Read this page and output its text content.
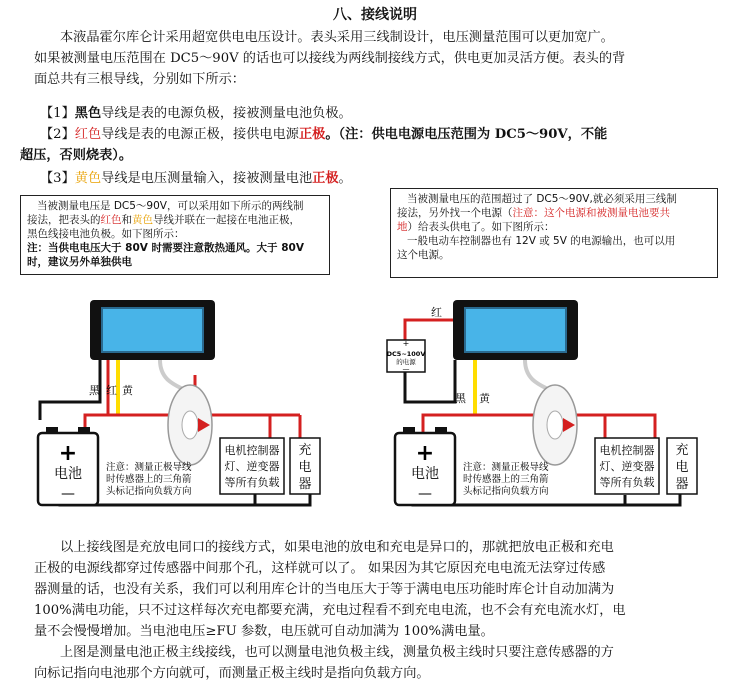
八、接线说明
本液晶霍尔库仑计采用超宽供电电压设计。表头采用三线制设计，电压测量范围可以更加宽广。
如果被测量电压范围在 DC5～90V 的话也可以接线为两线制接线方式，供电更加灵活方便。表头的背
面总共有三根导线，分别如下所示：
【1】黑色导线是表的电源负极，接被测量电池负极。
【2】红色导线是表的电源正极，接供电电源正极。（注：供电电源电压范围为 DC5～90V，不能
超压，否则烧表）。
【3】黄色导线是电压测量输入，接被测量电池正极。
当被测量电压是 DC5～90V，可以采用如下所示的两线制
接法，把表头的红色和黄色导线并联在一起接在电池正极，
黑色线接电池负极。如下图所示：
注：当供电电压大于 80V 时需要注意散热通风。大于 80V
时，建议另外单独供电
当被测量电压的范围超过了 DC5～90V,就必须采用三线制
接法，另外找一个电源（注意：这个电源和被测量电池要共
地）给表头供电了。如下图所示：
一般电动车控制器也有 12V 或 5V 的电源输出，也可以用
这个电源。
+
电池
—
电机控制器
灯、逆变器
等所有负载
充
电
器
黑 红 黄
注意：测量正极导线
时传感器上的三角箭
头标记指向负载方向
+
DC5~100V
的电源
—
+
电池
—
电机控制器
灯、逆变器
等所有负载
充
电
器
红
黑 黄
注意：测量正极导线
时传感器上的三角箭
头标记指向负载方向
以上接线图是充放电同口的接线方式，如果电池的放电和充电是异口的，那就把放电正极和充电
正极的电源线都穿过传感器中间那个孔，这样就可以了。 如果因为其它原因充电电流无法穿过传感
器测量的话，也没有关系，我们可以利用库仑计的当电压大于等于满电电压功能时库仑计自动加满为
100%满电功能，只不过这样每次充电都要充满，充电过程看不到充电电流，也不会有充电流水灯，电
量不会慢慢增加。当电池电压≥FU 参数，电压就可自动加满为 100%满电量。
上图是测量电池正极主线接线，也可以测量电池负极主线，测量负极主线时只要注意传感器的方
向标记指向电池那个方向就可，而测量正极主线时是指向负载方向。
